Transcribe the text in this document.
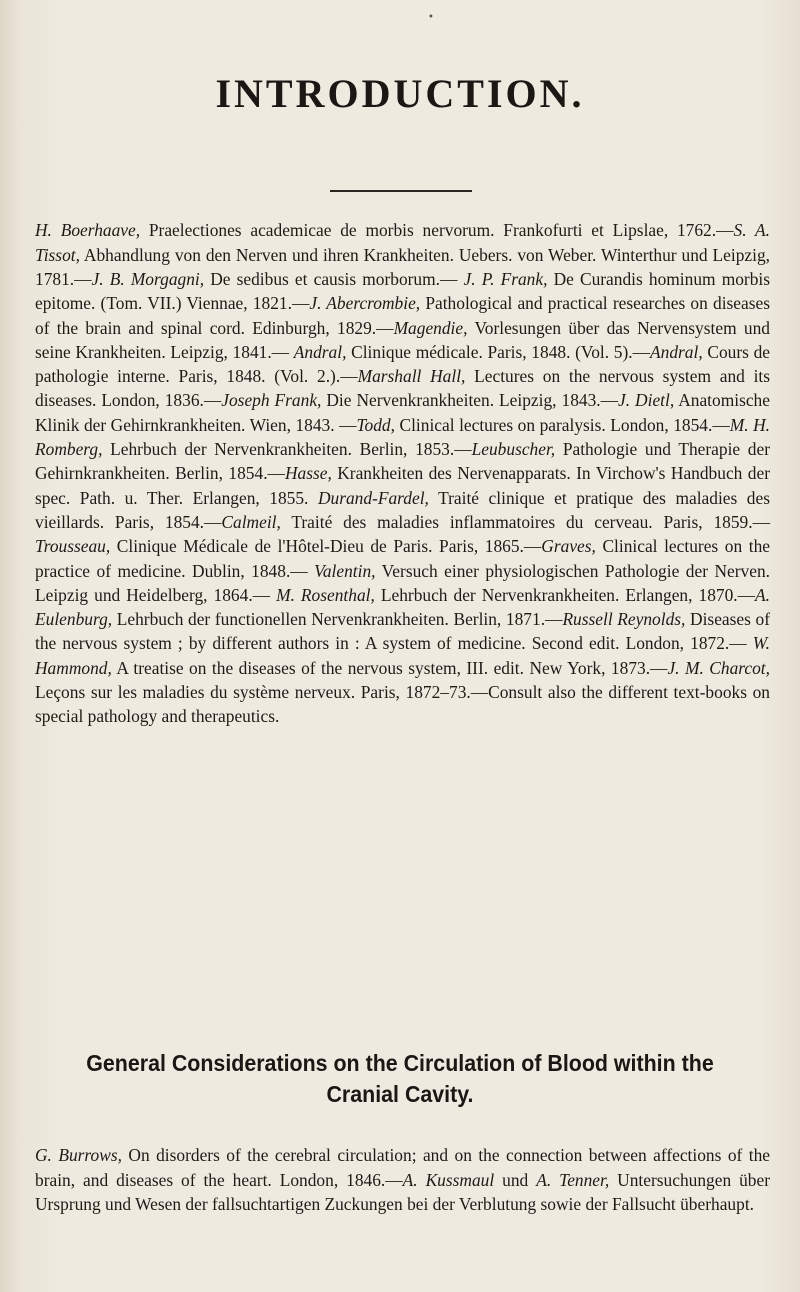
•
INTRODUCTION.

H. Boerhaave, Praelectiones academicae de morbis nervorum. Frankofurti et Lipslae, 1762.—S. A. Tissot, Abhandlung von den Nerven und ihren Krankheiten. Uebers. von Weber. Winterthur und Leipzig, 1781.—J. B. Morgagni, De sedibus et causis morborum.— J. P. Frank, De Curandis hominum morbis epitome. (Tom. VII.) Viennae, 1821.—J. Abercrombie, Pathological and practical researches on diseases of the brain and spinal cord. Edinburgh, 1829.—Magendie, Vorlesungen über das Nervensystem und seine Krankheiten. Leipzig, 1841.— Andral, Clinique médicale. Paris, 1848. (Vol. 5).—Andral, Cours de pathologie interne. Paris, 1848. (Vol. 2.).—Marshall Hall, Lectures on the nervous system and its diseases. London, 1836.—Joseph Frank, Die Nervenkrankheiten. Leipzig, 1843.—J. Dietl, Anatomische Klinik der Gehirnkrankheiten. Wien, 1843. —Todd, Clinical lectures on paralysis. London, 1854.—M. H. Romberg, Lehrbuch der Nervenkrankheiten. Berlin, 1853.—Leubuscher, Pathologie und Therapie der Gehirnkrankheiten. Berlin, 1854.—Hasse, Krankheiten des Nervenapparats. In Virchow's Handbuch der spec. Path. u. Ther. Erlangen, 1855. Durand-Fardel, Traité clinique et pratique des maladies des vieillards. Paris, 1854.—Calmeil, Traité des maladies inflammatoires du cerveau. Paris, 1859.— Trousseau, Clinique Médicale de l'Hôtel-Dieu de Paris. Paris, 1865.—Graves, Clinical lectures on the practice of medicine. Dublin, 1848.— Valentin, Versuch einer physiologischen Pathologie der Nerven. Leipzig und Heidelberg, 1864.— M. Rosenthal, Lehrbuch der Nervenkrankheiten. Erlangen, 1870.—A. Eulenburg, Lehrbuch der functionellen Nervenkrankheiten. Berlin, 1871.—Russell Reynolds, Diseases of the nervous system ; by different authors in : A system of medicine. Second edit. London, 1872.— W. Hammond, A treatise on the diseases of the nervous system, III. edit. New York, 1873.—J. M. Charcot, Leçons sur les maladies du système nerveux. Paris, 1872–73.—Consult also the different text-books on special pathology and therapeutics.

General Considerations on the Circulation of Blood within the Cranial Cavity.

G. Burrows, On disorders of the cerebral circulation; and on the connection between affections of the brain, and diseases of the heart. London, 1846.—A. Kussmaul und A. Tenner, Untersuchungen über Ursprung und Wesen der fallsuchtartigen Zuckungen bei der Verblutung sowie der Fallsucht überhaupt.
